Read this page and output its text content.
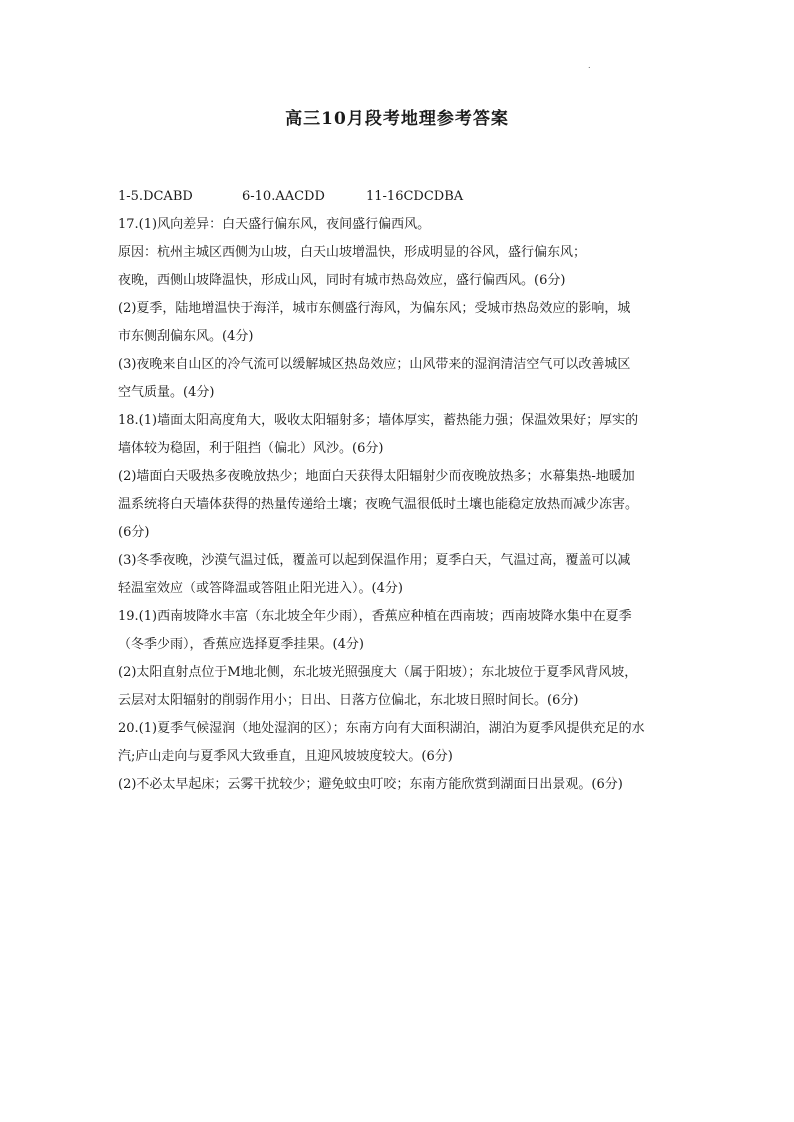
.
高三10月段考地理参考答案
1-5.DCABD	6-10.AACDD	11-16CDCDBA
17.(1)风向差异：白天盛行偏东风，夜间盛行偏西风。
原因：杭州主城区西侧为山坡，白天山坡增温快，形成明显的谷风，盛行偏东风；
夜晚，西侧山坡降温快，形成山风，同时有城市热岛效应，盛行偏西风。(6分)
(2)夏季，陆地增温快于海洋，城市东侧盛行海风，为偏东风；受城市热岛效应的影响，城
市东侧刮偏东风。(4分)
(3)夜晚来自山区的冷气流可以缓解城区热岛效应；山风带来的湿润清洁空气可以改善城区
空气质量。(4分)
18.(1)墙面太阳高度角大，吸收太阳辐射多；墙体厚实，蓄热能力强；保温效果好；厚实的
墙体较为稳固，利于阻挡（偏北）风沙。(6分)
(2)墙面白天吸热多夜晚放热少；地面白天获得太阳辐射少而夜晚放热多；水幕集热-地暖加
温系统将白天墙体获得的热量传递给土壤；夜晚气温很低时土壤也能稳定放热而减少冻害。
(6分)
(3)冬季夜晚，沙漠气温过低，覆盖可以起到保温作用；夏季白天，气温过高，覆盖可以减
轻温室效应（或答降温或答阻止阳光进入）。(4分)
19.(1)西南坡降水丰富（东北坡全年少雨），香蕉应种植在西南坡；西南坡降水集中在夏季
（冬季少雨），香蕉应选择夏季挂果。(4分)
(2)太阳直射点位于M地北侧，东北坡光照强度大（属于阳坡）；东北坡位于夏季风背风坡，
云层对太阳辐射的削弱作用小；日出、日落方位偏北，东北坡日照时间长。(6分)
20.(1)夏季气候湿润（地处湿润的区）；东南方向有大面积湖泊，湖泊为夏季风提供充足的水
汽;庐山走向与夏季风大致垂直，且迎风坡坡度较大。(6分)
(2)不必太早起床；云雾干扰较少；避免蚊虫叮咬；东南方能欣赏到湖面日出景观。(6分)
